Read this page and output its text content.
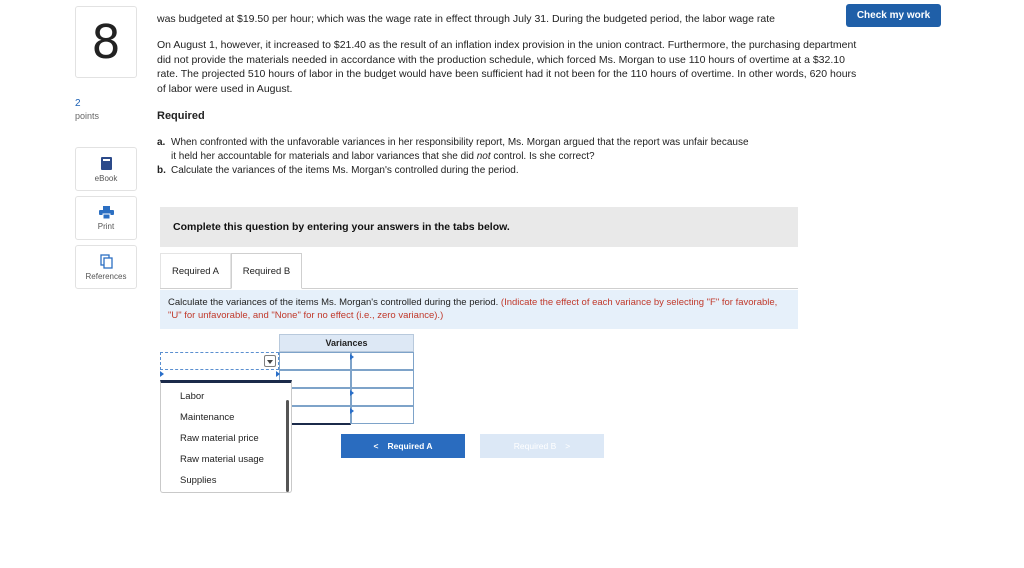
8
2
points
eBook
Print
References
Check my work
was budgeted at $19.50 per hour; which was the wage rate in effect through July 31. During the budgeted period, the labor wage rate
On August 1, however, it increased to $21.40 as the result of an inflation index provision in the union contract. Furthermore, the purchasing department did not provide the materials needed in accordance with the production schedule, which forced Ms. Morgan to use 110 hours of overtime at a $32.10 rate. The projected 510 hours of labor in the budget would have been sufficient had it not been for the 110 hours of overtime. In other words, 620 hours of labor were used in August.
Required
a. When confronted with the unfavorable variances in her responsibility report, Ms. Morgan argued that the report was unfair because
it held her accountable for materials and labor variances that she did not control. Is she correct?
b. Calculate the variances of the items Ms. Morgan's controlled during the period.
Complete this question by entering your answers in the tabs below.
Required A	Required B
Calculate the variances of the items Ms. Morgan's controlled during the period. (Indicate the effect of each variance by selecting "F" for favorable, "U" for unfavorable, and "None" for no effect (i.e., zero variance).)
Variances
Labor
Maintenance
Raw material price
Raw material usage
Supplies
< Required A	Required B >
